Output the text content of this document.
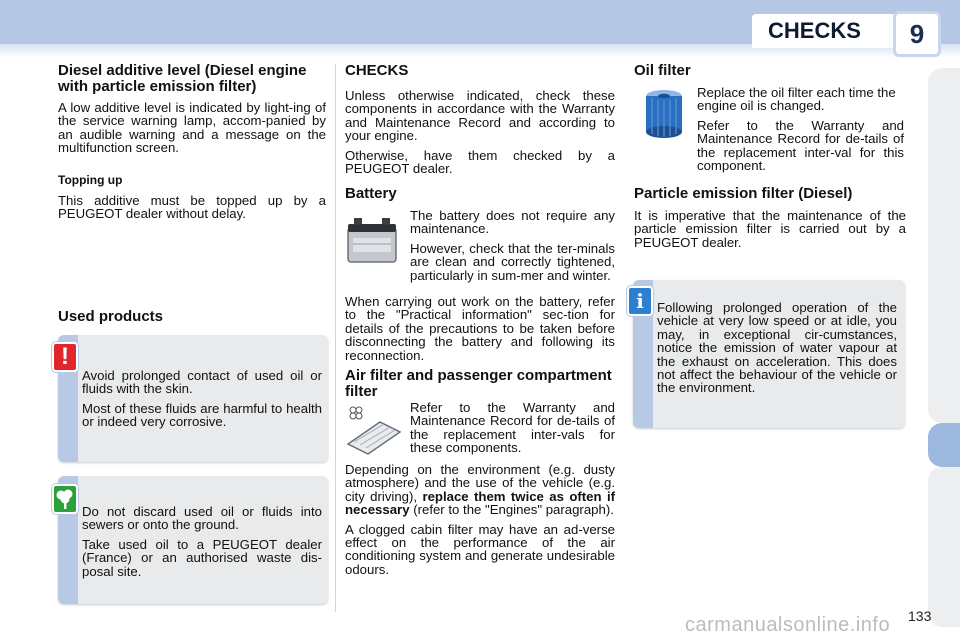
CHECKS	9
Diesel additive level (Diesel engine with particle emission filter)

A low additive level is indicated by light-ing of the service warning lamp, accom-panied by an audible warning and a message on the multifunction screen.

Topping up

This additive must be topped up by a PEUGEOT dealer without delay.

Used products

Avoid prolonged contact of used oil or fluids with the skin.

Most of these fluids are harmful to health or indeed very corrosive.

!

Do not discard used oil or fluids into sewers or onto the ground.

Take used oil to a PEUGEOT dealer (France) or an authorised waste dis-posal site.

CHECKS

Unless otherwise indicated, check these components in accordance with the Warranty and Maintenance Record and according to your engine.

Otherwise, have them checked by a PEUGEOT dealer.

Battery

The battery does not require any maintenance.

However, check that the ter-minals are clean and correctly tightened, particularly in sum-mer and winter.

When carrying out work on the battery, refer to the "Practical information" sec-tion for details of the precautions to be taken before disconnecting the battery and following its reconnection.

Air filter and passenger compartment filter

Refer to the Warranty and Maintenance Record for de-tails of the replacement inter-vals for these components.

Depending on the environment (e.g. dusty atmosphere) and the use of the vehicle (e.g. city driving), replace them twice as often if necessary (refer to the "Engines" paragraph).

A clogged cabin filter may have an ad-verse effect on the performance of the air conditioning system and generate undesirable odours.

Oil filter

Replace the oil filter each time the engine oil is changed.

Refer to the Warranty and Maintenance Record for de-tails of the replacement inter-val for this component.

Particle emission filter (Diesel)

It is imperative that the maintenance of the particle emission filter is carried out by a PEUGEOT dealer.

Following prolonged operation of the vehicle at very low speed or at idle, you may, in exceptional cir-cumstances, notice the emission of water vapour at the exhaust on acceleration. This does not affect the behaviour of the vehicle or the environment.

i
carmanualsonline.info 133
